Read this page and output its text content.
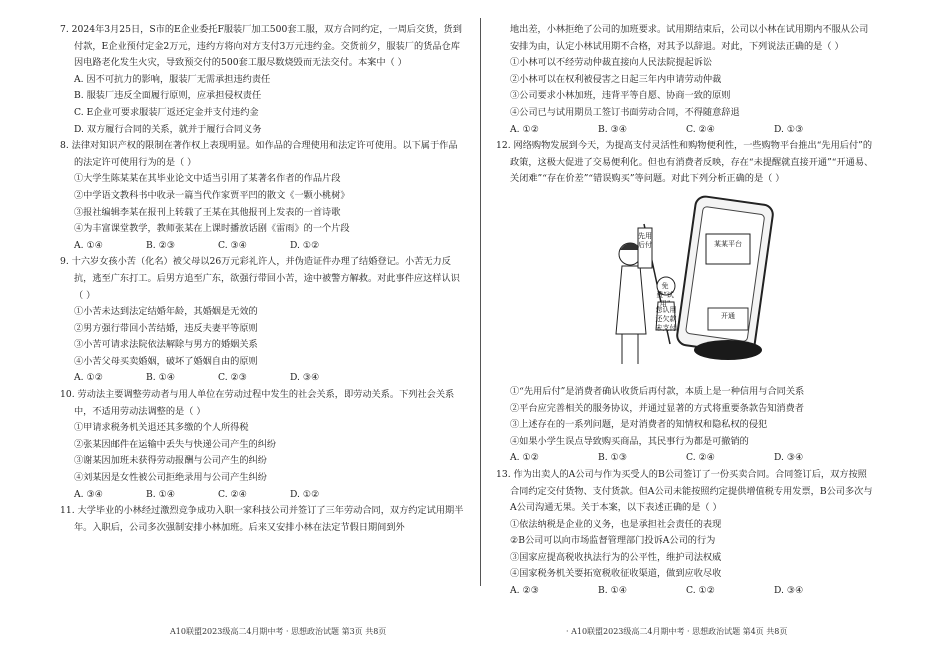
7. 2024年3月25日，S市的E企业委托F服装厂加工500套工服，双方合同约定，一周后交货，货到付款，E企业预付定金2万元，违约方将向对方支付3万元违约金。交货前夕，服装厂的货品仓库因电路老化发生火灾，导致预交付的500套工服尽数烧毁而无法交付。本案中（ ）

A. 因不可抗力的影响，服装厂无需承担违约责任

B. 服装厂违反全面履行原则，应承担侵权责任

C. E企业可要求服装厂返还定金并支付违约金

D. 双方履行合同的关系，就并于履行合同义务

8. 法律对知识产权的限制在著作权上表现明显。如作品的合理使用和法定许可使用。以下属于作品的法定许可使用行为的是（ ）

①大学生陈某某在其毕业论文中适当引用了某著名作者的作品片段

②中学语文教科书中收录一篇当代作家贾平凹的散文《一颗小桃树》

③报社编辑李某在报刊上转载了王某在其他报刊上发表的一首诗歌

④为丰富课堂教学，教师张某在上课时播放话剧《雷雨》的一个片段

A. ①④	B. ②③	C. ③④	D. ①②

9. 十六岁女孩小苦（化名）被父母以26万元彩礼许人，并伪造证件办理了结婚登记。小苦无力反抗，逃至广东打工。后男方追至广东，欲强行带回小苦，途中被警方解救。对此事件应这样认识（ ）

①小苦未达到法定结婚年龄，其婚姻是无效的

②男方强行带回小苦结婚，违反夫妻平等原则

③小苦可请求法院依法解除与男方的婚姻关系

④小苦父母买卖婚姻，破坏了婚姻自由的原则

A. ①②	B. ①④	C. ②③	D. ③④

10. 劳动法主要调整劳动者与用人单位在劳动过程中发生的社会关系，即劳动关系。下列社会关系中，不适用劳动法调整的是（ ）

①甲请求税务机关退还其多缴的个人所得税

②张某因邮件在运输中丢失与快递公司产生的纠纷

③谢某因加班未获得劳动报酬与公司产生的纠纷

④刘某因是女性被公司拒绝录用与公司产生纠纷

A. ③④	B. ①④	C. ②④	D. ①②

11. 大学毕业的小林经过激烈竞争成功入职一家科技公司并签订了三年劳动合同，双方约定试用期半年。入职后，公司多次强制安排小林加班。后来又安排小林在法定节假日期间到外

地出差，小林拒绝了公司的加班要求。试用期结束后，公司以小林在试用期内不服从公司安排为由，认定小林试用期不合格，对其予以辞退。对此，下列说法正确的是（ ）

①小林可以不经劳动仲裁直接向人民法院提起诉讼

②小林可以在权利被侵害之日起三年内申请劳动仲裁

③公司要求小林加班，违背平等自愿、协商一致的原则

④公司已与试用期员工签订书面劳动合同，不得随意辞退

A. ①②	B. ③④	C. ②④	D. ①③

12. 网络购物发展到今天，为提高支付灵活性和购物便利性，一些购物平台推出“先用后付”的政策，这极大促进了交易便利化。但也有消费者反映，存在“未提醒就直接开通”“开通易、关闭难”“存在价差”“错误购买”等问题。对此下列分析正确的是（ ）

先用后付
免费“试用”
某某平台
您认用还欠款未支付
开通

①“先用后付”是消费者确认收货后再付款，本质上是一种信用与合同关系

②平台应完善相关的服务协议，并通过显著的方式将重要条款告知消费者

③上述存在的一系列问题，是对消费者的知情权和隐私权的侵犯

④如果小学生误点导致购买商品，其民事行为都是可撤销的

A. ①②	B. ①③	C. ②④	D. ③④

13. 作为出卖人的A公司与作为买受人的B公司签订了一份买卖合同。合同签订后，双方按照合同约定交付货物、支付货款。但A公司未能按照约定提供增值税专用发票，B公司多次与A公司沟通无果。关于本案，以下表述正确的是（ ）

①依法纳税是企业的义务，也是承担社会责任的表现

②B公司可以向市场监督管理部门投诉A公司的行为

③国家应提高税收执法行为的公平性，维护司法权威

④国家税务机关要拓宽税收征收渠道，做到应收尽收

A. ②③	B. ①④	C. ①②	D. ③④
A10联盟2023级高二4月期中考 · 思想政治试题 第3页 共8页	· A10联盟2023级高二4月期中考 · 思想政治试题 第4页 共8页
